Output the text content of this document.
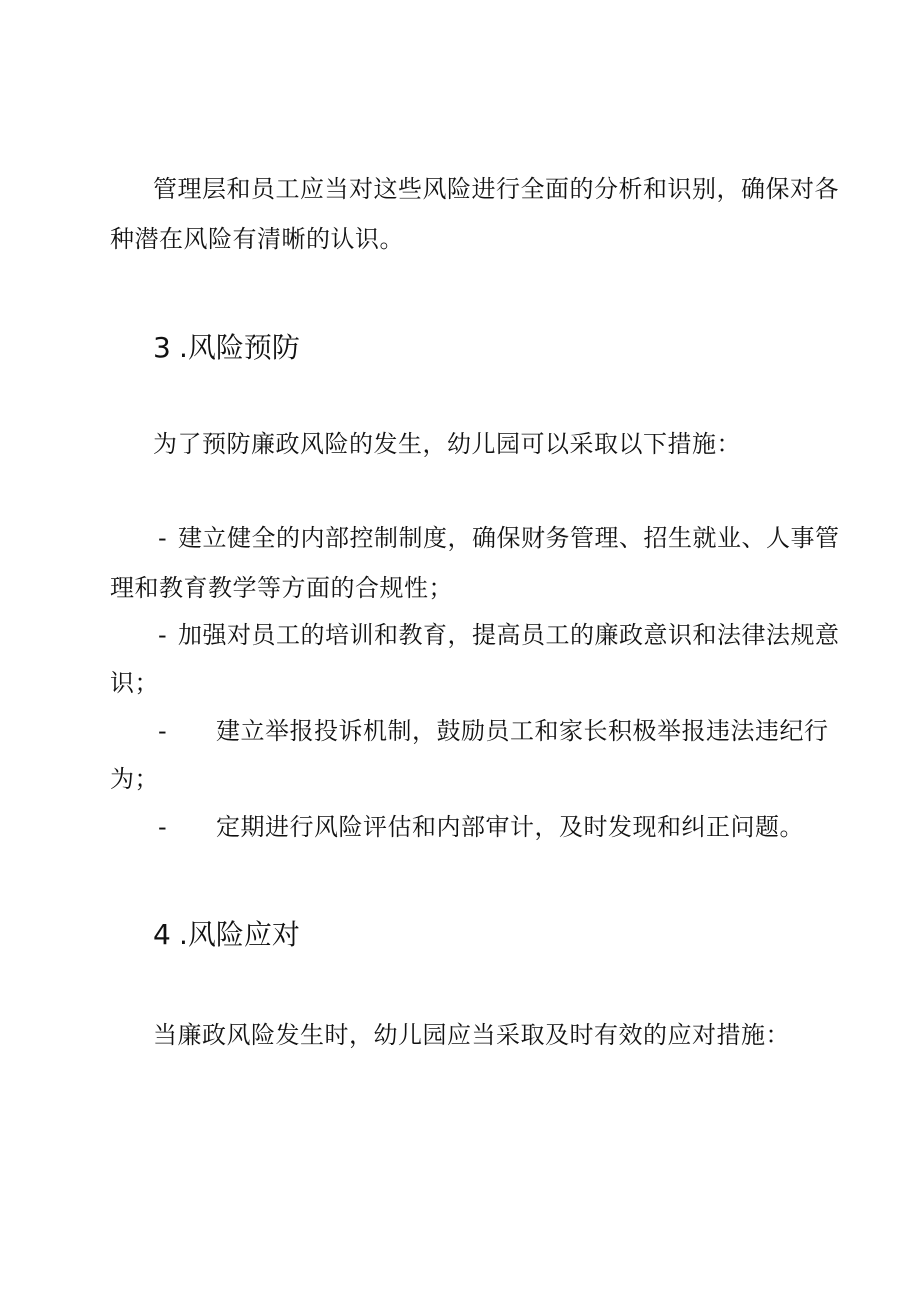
管理层和员工应当对这些风险进行全面的分析和识别，确保对各
种潜在风险有清晰的认识。
3 .风险预防
为了预防廉政风险的发生，幼儿园可以采取以下措施：
- 建立健全的内部控制制度，确保财务管理、招生就业、人事管
理和教育教学等方面的合规性；
- 加强对员工的培训和教育，提高员工的廉政意识和法律法规意
识；
- 建立举报投诉机制，鼓励员工和家长积极举报违法违纪行
为；
- 定期进行风险评估和内部审计，及时发现和纠正问题。
4 .风险应对
当廉政风险发生时，幼儿园应当采取及时有效的应对措施：
